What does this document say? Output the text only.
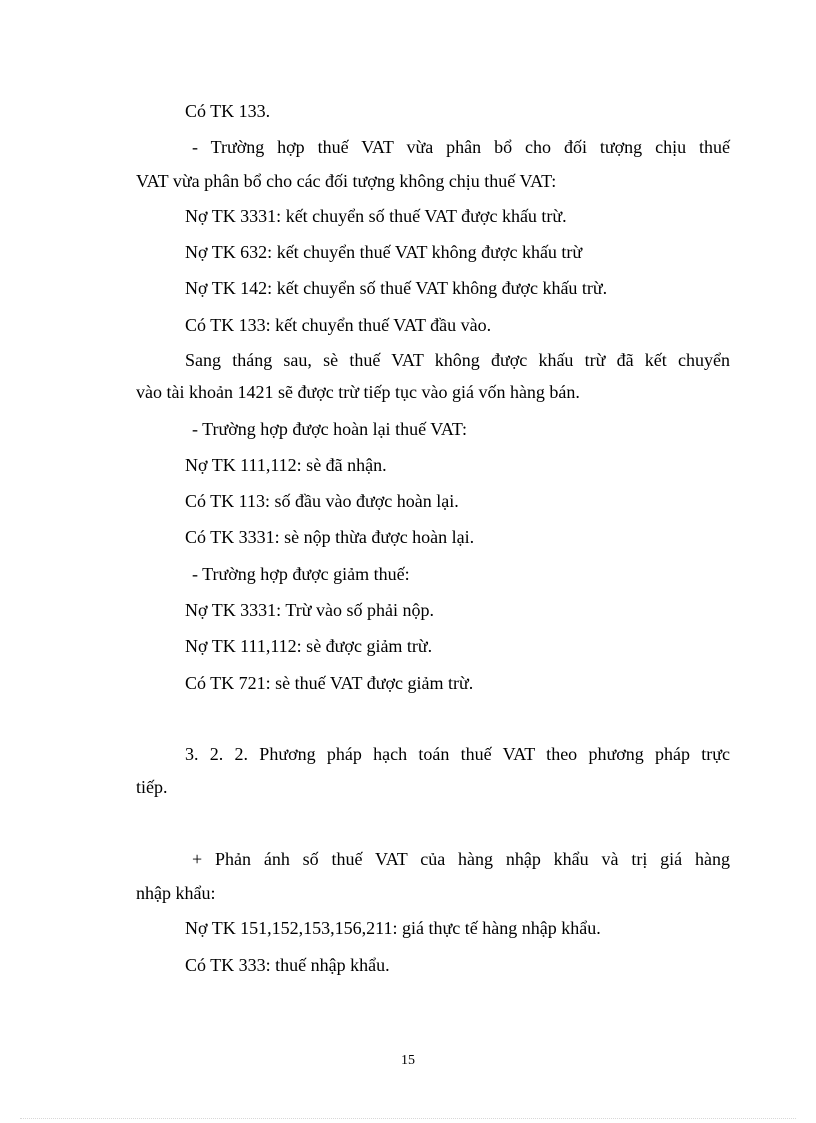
Có TK 133.
- Trường hợp thuế VAT vừa phân bổ cho đối tượng chịu thuế
VAT vừa phân bổ cho các đối tượng không chịu thuế VAT:
Nợ TK 3331: kết chuyển số thuế VAT được khấu trừ.
Nợ TK 632: kết chuyển thuế VAT không được khấu trừ
Nợ TK 142: kết chuyển số thuế VAT không được khấu trừ.
Có TK 133: kết chuyển thuế VAT đầu vào.
Sang tháng sau, sè thuế VAT không được khấu trừ đã kết chuyển
vào tài khoản 1421 sẽ được trừ tiếp tục vào giá vốn hàng bán.
- Trường hợp được hoàn lại thuế VAT:
Nợ TK 111,112: sè đã nhận.
Có TK 113: số đầu vào được hoàn lại.
Có TK 3331: sè nộp thừa được hoàn lại.
- Trường hợp được giảm thuế:
Nợ TK 3331: Trừ vào số phải nộp.
Nợ TK 111,112: sè được giảm trừ.
Có TK 721: sè thuế VAT được giảm trừ.
3. 2. 2. Phương pháp hạch toán thuế VAT theo phương pháp trực
tiếp.
+ Phản ánh số thuế VAT của hàng nhập khẩu và trị giá hàng
nhập khẩu:
Nợ TK 151,152,153,156,211: giá thực tế hàng nhập khẩu.
Có TK 333: thuế nhập khẩu.
15
